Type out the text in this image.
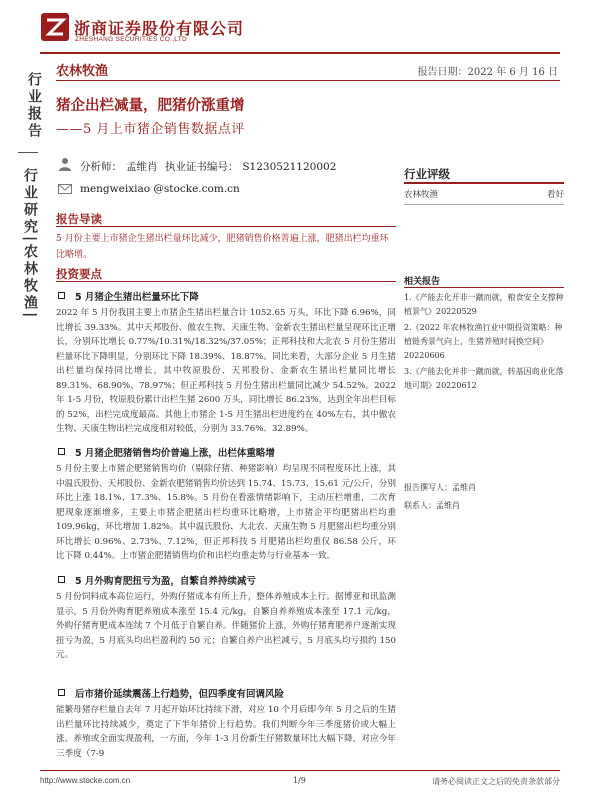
浙商证券股份有限公司
ZHESHANG SECURITIES CO.,LTD
行业报告
行业研究|农林牧渔|
农林牧渔	报告日期：2022 年 6 月 16 日
猪企出栏减量，肥猪价涨重增
——5 月上市猪企销售数据点评
分析师： 孟维肖 执业证书编号： S1230521120002
mengweixiao @stocke.com.cn
报告导读
5 月份主要上市猪企生猪出栏量环比减少，肥猪销售价格普遍上涨，肥猪出栏均重环比略增。
投资要点
5 月猪企生猪出栏量环比下降
2022 年 5 月份我国主要上市猪企生猪出栏量合计 1052.65 万头，环比下降 6.96%，同比增长 39.33%。其中天邦股份、傲农生物、天康生物、金新农生猪出栏量呈现环比正增长，分别环比增长 0.77%/10.31%/18.32%/37.05%；正邦科技和大北农 5 月份生猪出栏量环比下降明显，分别环比下降 18.39%、18.87%。同比来看，大部分企业 5 月生猪出栏量均保持同比增长，其中牧原股份、天邦股份、金新农生猪出栏量同比增长 89.31%、68.90%、78.97%；但正邦科技 5 月份生猪出栏量同比减少 54.52%。2022 年 1-5 月份，牧原股份累计出栏生猪 2600 万头，同比增长 86.23%，达到全年出栏目标的 52%，出栏完成度最高。其他上市猪企 1-5 月生猪出栏进度约在 40%左右，其中傲农生物、天康生物出栏完成度相对较低，分别为 33.76%、32.89%。
5 月猪企肥猪销售均价普遍上涨，出栏体重略增
5 月份主要上市猪企肥猪销售均价（剔除仔猪、种猪影响）均呈现不同程度环比上涨，其中温氏股份、天邦股份、金新农肥猪销售均价达到 15.74、15.73、15.61 元/公斤，分别环比上涨 18.1%、17.3%、15.8%。5 月份在看涨情绪影响下，主动压栏增重，二次育肥现象逐渐增多，主要上市猪企肥猪出栏均重环比略增，上市猪企平均肥猪出栏均重 109.96kg，环比增加 1.82%。其中温氏股份、大北农、天康生物 5 月肥猪出栏均重分别环比增长 0.96%、2.73%、7.12%，但正邦科技 5 月肥猪出栏均重仅 86.58 公斤，环比下降 0.44%。上市猪企肥猪销售均价和出栏均重走势与行业基本一致。
5 月外购育肥扭亏为盈，自繁自养持续减亏
5 月份饲料成本高位运行，外购仔猪成本有所上升，整体养殖成本上行。据博亚和讯监测显示，5 月份外购育肥养殖成本涨至 15.4 元/kg，自繁自养养殖成本涨至 17.1 元/kg，外购仔猪育肥成本连续 7 个月低于自繁自养。伴随猪价上涨，外购仔猪育肥养户逐渐实现扭亏为盈，5 月底头均出栏盈利约 50 元；自繁自养户出栏减亏，5 月底头均亏损约 150 元。
后市猪价延续震荡上行趋势，但四季度有回调风险
能繁母猪存栏量自去年 7 月起开始环比持续下滑，对应 10 个月后即今年 5 月之后的生猪出栏量环比持续减少，奠定了下半年猪价上行趋势。我们判断今年三季度猪价或大幅上涨。养殖或全面实现盈利，一方面，今年 1-3 月份新生仔猪数量环比大幅下降，对应今年三季度（7-9
行业评级
农林牧渔	看好
相关报告
1.《产能去化开非一蹴而就，粮食安全支撑种植景气》20220529
2.《2022 年农林牧渔行业中期投资策略：种植链秀景气向上，生猪养殖时间换空间》20220606
3.《产能去化并非一蹴而就，转基因商业化落地可期》20220612
报告撰写人：孟维肖
联系人：孟维肖
http://www.stocke.com.cn	1/9	请务必阅读正文之后的免责条款部分
